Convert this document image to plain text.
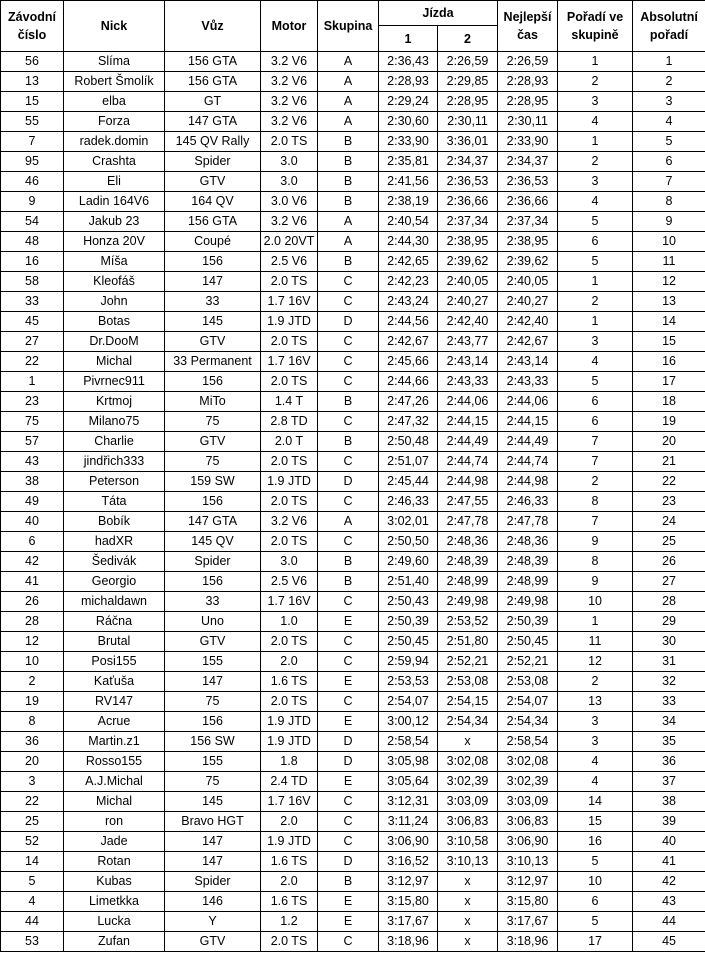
Závodní číslo	Nick	Vůz	Motor	Skupina	Jízda		Nejlepší čas	Pořadí ve skupině	Absolutní pořadí
					1	2			
56	Slíma	156 GTA	3.2 V6	A	2:36,43	2:26,59	2:26,59	1	1
13	Robert Šmolík	156 GTA	3.2 V6	A	2:28,93	2:29,85	2:28,93	2	2
15	elba	GT	3.2 V6	A	2:29,24	2:28,95	2:28,95	3	3
55	Forza	147 GTA	3.2 V6	A	2:30,60	2:30,11	2:30,11	4	4
7	radek.domin	145 QV Rally	2.0 TS	B	2:33,90	3:36,01	2:33,90	1	5
95	Crashta	Spider	3.0	B	2:35,81	2:34,37	2:34,37	2	6
46	Eli	GTV	3.0	B	2:41,56	2:36,53	2:36,53	3	7
9	Ladin 164V6	164 QV	3.0 V6	B	2:38,19	2:36,66	2:36,66	4	8
54	Jakub 23	156 GTA	3.2 V6	A	2:40,54	2:37,34	2:37,34	5	9
48	Honza 20V	Coupé	2.0 20VT	A	2:44,30	2:38,95	2:38,95	6	10
16	Míša	156	2.5 V6	B	2:42,65	2:39,62	2:39,62	5	11
58	Kleofáš	147	2.0 TS	C	2:42,23	2:40,05	2:40,05	1	12
33	John	33	1.7 16V	C	2:43,24	2:40,27	2:40,27	2	13
45	Botas	145	1.9 JTD	D	2:44,56	2:42,40	2:42,40	1	14
27	Dr.DooM	GTV	2.0 TS	C	2:42,67	2:43,77	2:42,67	3	15
22	Michal	33 Permanent	1.7 16V	C	2:45,66	2:43,14	2:43,14	4	16
1	Pivrnec911	156	2.0 TS	C	2:44,66	2:43,33	2:43,33	5	17
23	Krtmoj	MiTo	1.4 T	B	2:47,26	2:44,06	2:44,06	6	18
75	Milano75	75	2.8 TD	C	2:47,32	2:44,15	2:44,15	6	19
57	Charlie	GTV	2.0 T	B	2:50,48	2:44,49	2:44,49	7	20
43	jindřich333	75	2.0 TS	C	2:51,07	2:44,74	2:44,74	7	21
38	Peterson	159 SW	1.9 JTD	D	2:45,44	2:44,98	2:44,98	2	22
49	Táta	156	2.0 TS	C	2:46,33	2:47,55	2:46,33	8	23
40	Bobík	147 GTA	3.2 V6	A	3:02,01	2:47,78	2:47,78	7	24
6	hadXR	145 QV	2.0 TS	C	2:50,50	2:48,36	2:48,36	9	25
42	Šedivák	Spider	3.0	B	2:49,60	2:48,39	2:48,39	8	26
41	Georgio	156	2.5 V6	B	2:51,40	2:48,99	2:48,99	9	27
26	michaldawn	33	1.7 16V	C	2:50,43	2:49,98	2:49,98	10	28
28	Ráčna	Uno	1.0	E	2:50,39	2:53,52	2:50,39	1	29
12	Brutal	GTV	2.0 TS	C	2:50,45	2:51,80	2:50,45	11	30
10	Posi155	155	2.0	C	2:59,94	2:52,21	2:52,21	12	31
2	Kaťuša	147	1.6 TS	E	2:53,53	2:53,08	2:53,08	2	32
19	RV147	75	2.0 TS	C	2:54,07	2:54,15	2:54,07	13	33
8	Acrue	156	1.9 JTD	E	3:00,12	2:54,34	2:54,34	3	34
36	Martin.z1	156 SW	1.9 JTD	D	2:58,54	x	2:58,54	3	35
20	Rosso155	155	1.8	D	3:05,98	3:02,08	3:02,08	4	36
3	A.J.Michal	75	2.4 TD	E	3:05,64	3:02,39	3:02,39	4	37
22	Michal	145	1.7 16V	C	3:12,31	3:03,09	3:03,09	14	38
25	ron	Bravo HGT	2.0	C	3:11,24	3:06,83	3:06,83	15	39
52	Jade	147	1.9 JTD	C	3:06,90	3:10,58	3:06,90	16	40
14	Rotan	147	1.6 TS	D	3:16,52	3:10,13	3:10,13	5	41
5	Kubas	Spider	2.0	B	3:12,97	x	3:12,97	10	42
4	Limetkka	146	1.6 TS	E	3:15,80	x	3:15,80	6	43
44	Lucka	Y	1.2	E	3:17,67	x	3:17,67	5	44
53	Zufan	GTV	2.0 TS	C	3:18,96	x	3:18,96	17	45
